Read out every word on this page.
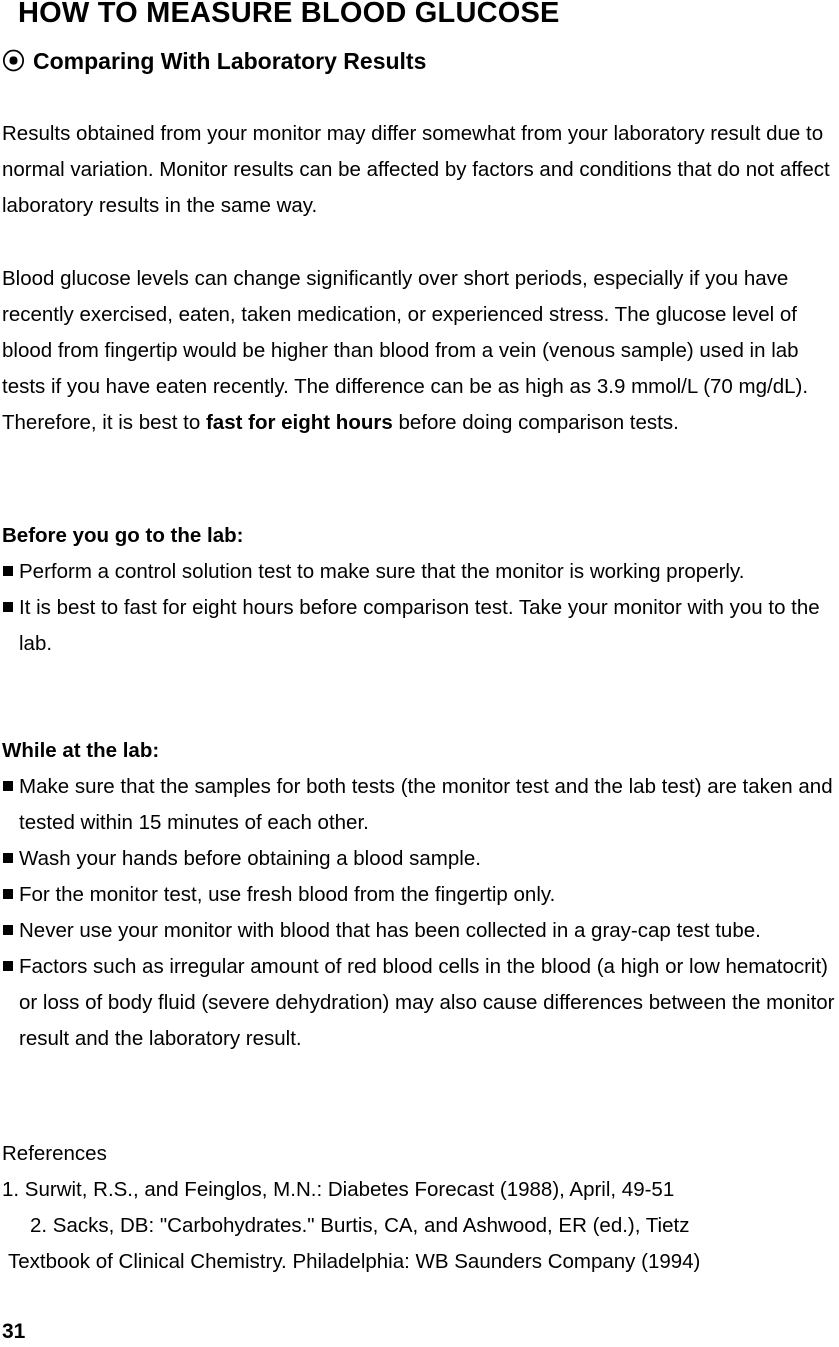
HOW TO MEASURE BLOOD GLUCOSE
⦿ Comparing With Laboratory Results

Results obtained from your monitor may differ somewhat from your laboratory result due to normal variation. Monitor results can be affected by factors and conditions that do not affect laboratory results in the same way.

Blood glucose levels can change significantly over short periods, especially if you have recently exercised, eaten, taken medication, or experienced stress. The glucose level of blood from fingertip would be higher than blood from a vein (venous sample) used in lab tests if you have eaten recently. The difference can be as high as 3.9 mmol/L (70 mg/dL). Therefore, it is best to fast for eight hours before doing comparison tests.

Before you go to the lab:
Perform a control solution test to make sure that the monitor is working properly.
It is best to fast for eight hours before comparison test. Take your monitor with you to the lab.
While at the lab:
Make sure that the samples for both tests (the monitor test and the lab test) are taken and tested within 15 minutes of each other.
Wash your hands before obtaining a blood sample.
For the monitor test, use fresh blood from the fingertip only.
Never use your monitor with blood that has been collected in a gray-cap test tube.
Factors such as irregular amount of red blood cells in the blood (a high or low hematocrit) or loss of body fluid (severe dehydration) may also cause differences between the monitor result and the laboratory result.
References
1. Surwit, R.S., and Feinglos, M.N.: Diabetes Forecast (1988), April, 49-51
2. Sacks, DB: "Carbohydrates." Burtis, CA, and Ashwood, ER (ed.), Tietz
Textbook of Clinical Chemistry. Philadelphia: WB Saunders Company (1994)
31
